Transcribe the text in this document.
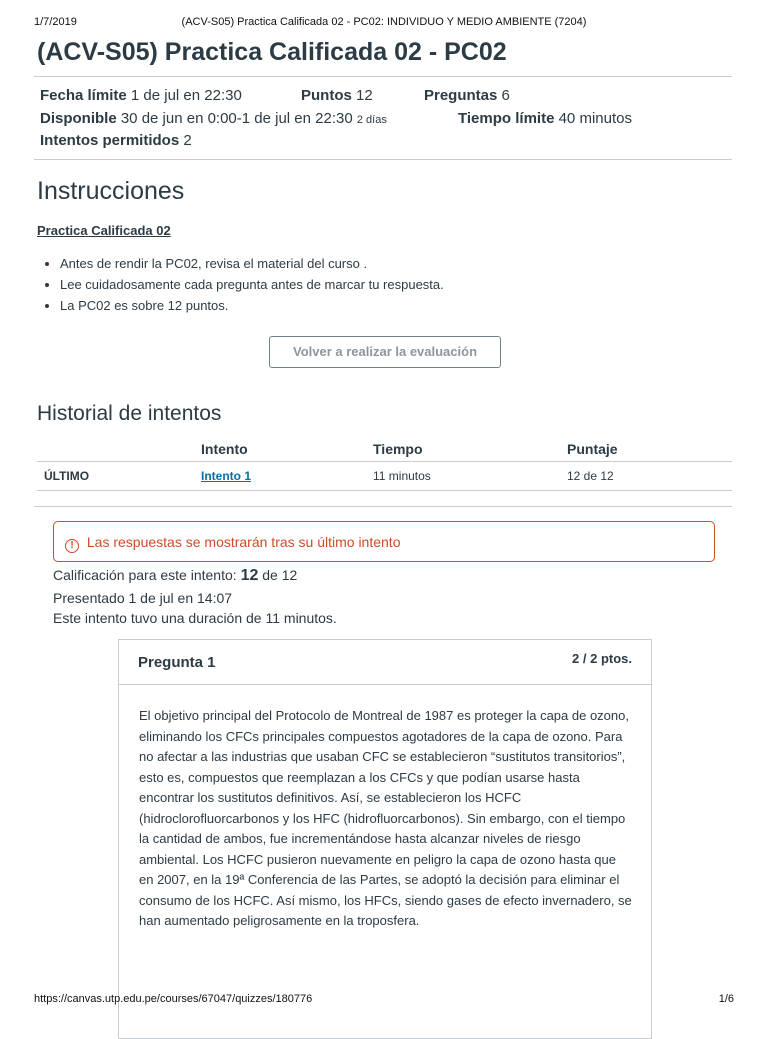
1/7/2019	(ACV-S05) Practica Calificada 02 - PC02: INDIVIDUO Y MEDIO AMBIENTE (7204)
(ACV-S05) Practica Calificada 02 - PC02
Fecha límite 1 de jul en 22:30	Puntos 12	Preguntas 6
Disponible 30 de jun en 0:00-1 de jul en 22:30 2 días	Tiempo límite 40 minutos
Intentos permitidos 2
Instrucciones
Practica Calificada 02
• Antes de rendir la PC02, revisa el material del curso .
• Lee cuidadosamente cada pregunta antes de marcar tu respuesta.
• La PC02 es sobre 12 puntos.
Volver a realizar la evaluación
Historial de intentos
	Intento	Tiempo	Puntaje
ÚLTIMO	Intento 1	11 minutos	12 de 12
! Las respuestas se mostrarán tras su último intento
Calificación para este intento: 12 de 12
Presentado 1 de jul en 14:07
Este intento tuvo una duración de 11 minutos.
Pregunta 1	2 / 2 ptos.

El objetivo principal del Protocolo de Montreal de 1987 es proteger la capa de ozono, eliminando los CFCs principales compuestos agotadores de la capa de ozono. Para no afectar a las industrias que usaban CFC se establecieron “sustitutos transitorios”, esto es, compuestos que reemplazan a los CFCs y que podían usarse hasta encontrar los sustitutos definitivos. Así, se establecieron los HCFC (hidroclorofluorcarbonos y los HFC (hidrofluorcarbonos). Sin embargo, con el tiempo la cantidad de ambos, fue incrementándose hasta alcanzar niveles de riesgo ambiental. Los HCFC pusieron nuevamente en peligro la capa de ozono hasta que en 2007, en la 19ª Conferencia de las Partes, se adoptó la decisión para eliminar el consumo de los HCFC. Así mismo, los HFCs, siendo gases de efecto invernadero, se han aumentado peligrosamente en la troposfera.

https://canvas.utp.edu.pe/courses/67047/quizzes/180776	1/6
